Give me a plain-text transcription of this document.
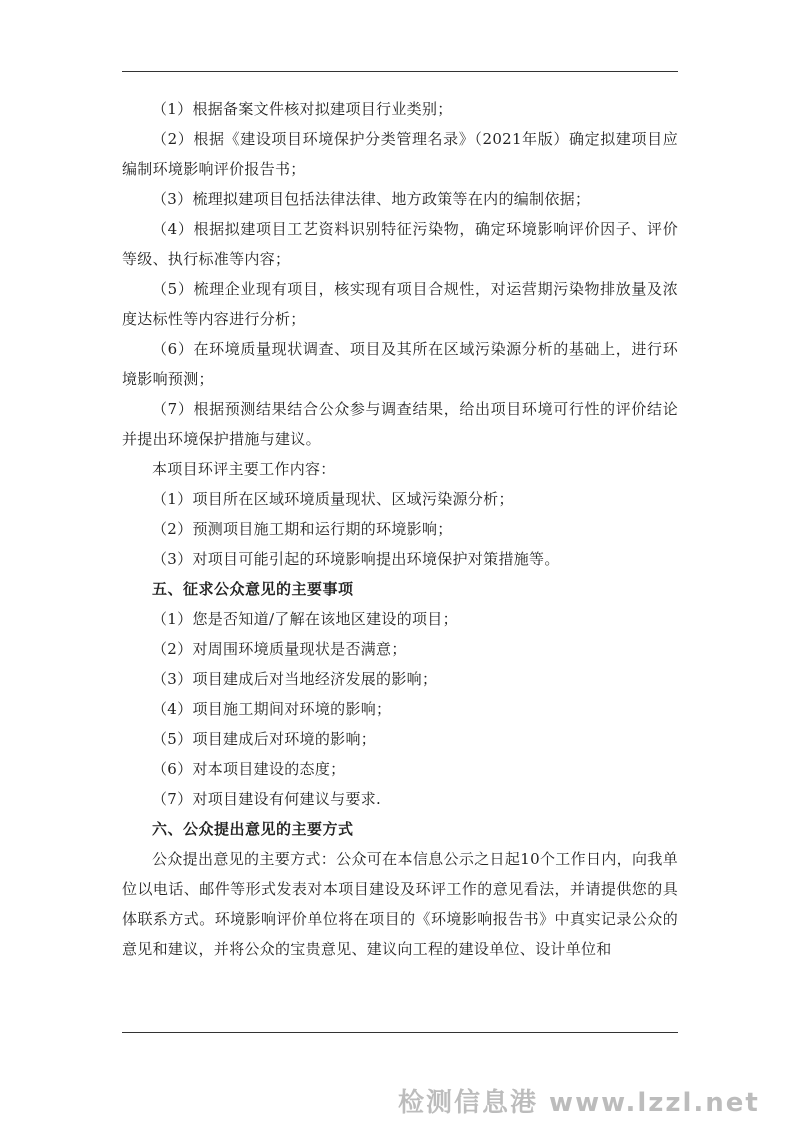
（1）根据备案文件核对拟建项目行业类别；

（2）根据《建设项目环境保护分类管理名录》（2021年版）确定拟建项目应编制环境影响评价报告书；

（3）梳理拟建项目包括法律法律、地方政策等在内的编制依据；

（4）根据拟建项目工艺资料识别特征污染物，确定环境影响评价因子、评价等级、执行标准等内容；

（5）梳理企业现有项目，核实现有项目合规性，对运营期污染物排放量及浓度达标性等内容进行分析；

（6）在环境质量现状调查、项目及其所在区域污染源分析的基础上，进行环境影响预测；

（7）根据预测结果结合公众参与调查结果，给出项目环境可行性的评价结论并提出环境保护措施与建议。

本项目环评主要工作内容：

（1）项目所在区域环境质量现状、区域污染源分析；

（2）预测项目施工期和运行期的环境影响；

（3）对项目可能引起的环境影响提出环境保护对策措施等。

五、征求公众意见的主要事项

（1）您是否知道/了解在该地区建设的项目；

（2）对周围环境质量现状是否满意；

（3）项目建成后对当地经济发展的影响；

（4）项目施工期间对环境的影响；

（5）项目建成后对环境的影响；

（6）对本项目建设的态度；

（7）对项目建设有何建议与要求.

六、公众提出意见的主要方式

公众提出意见的主要方式：公众可在本信息公示之日起10个工作日内，向我单位以电话、邮件等形式发表对本项目建设及环评工作的意见看法，并请提供您的具体联系方式。环境影响评价单位将在项目的《环境影响报告书》中真实记录公众的意见和建议，并将公众的宝贵意见、建议向工程的建设单位、设计单位和

检测信息港 www.lzzl.net
